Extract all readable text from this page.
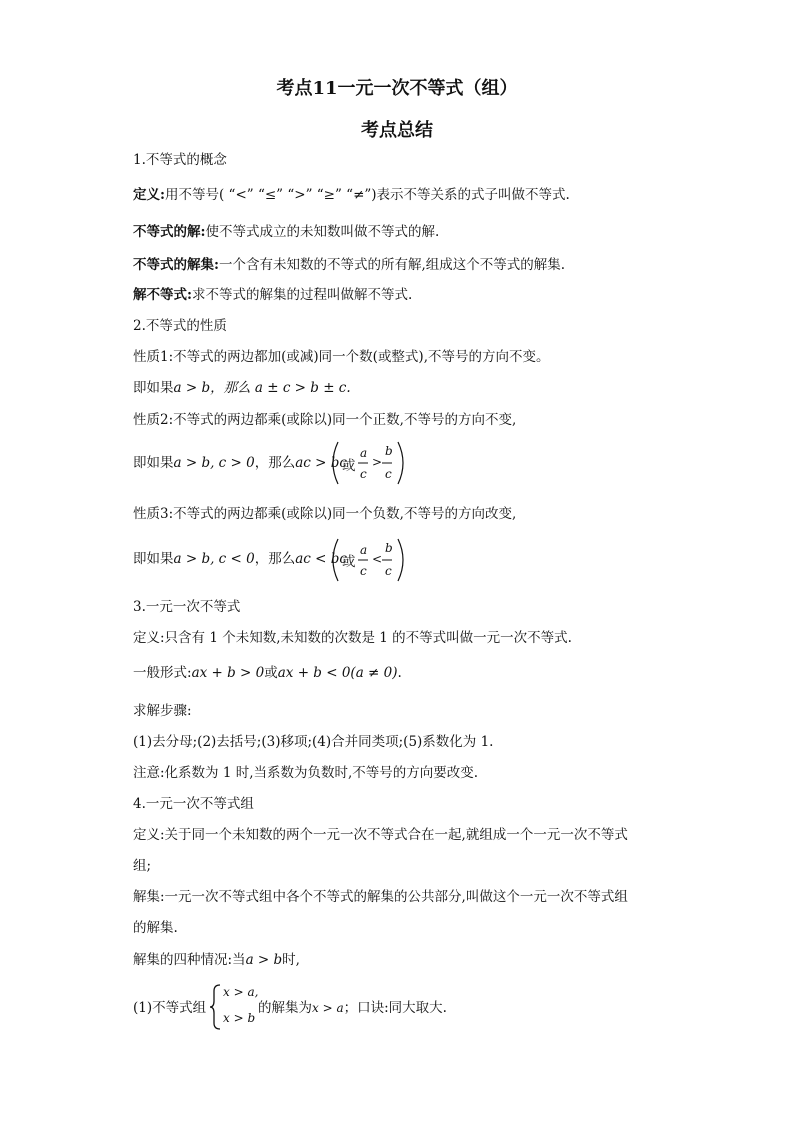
考点11一元一次不等式（组）
考点总结
1.不等式的概念
定义:用不等号( “<” “≤” “>” “≥” “≠”)表示不等关系的式子叫做不等式.
不等式的解:使不等式成立的未知数叫做不等式的解.
不等式的解集:一个含有未知数的不等式的所有解,组成这个不等式的解集.
解不等式:求不等式的解集的过程叫做解不等式.
2.不等式的性质
性质1:不等式的两边都加(或减)同一个数(或整式),不等号的方向不变。
即如果a > b，那么 a ± c > b ± c.
性质2:不等式的两边都乘(或除以)同一个正数,不等号的方向不变,
即如果a > b, c > 0，那么ac > bc
或
a
c
>
b
c
性质3:不等式的两边都乘(或除以)同一个负数,不等号的方向改变,
即如果a > b, c < 0，那么ac < bc
或
a
c
<
b
c
3.一元一次不等式
定义:只含有 1 个未知数,未知数的次数是 1 的不等式叫做一元一次不等式.
一般形式:ax + b > 0或ax + b < 0(a ≠ 0).
求解步骤:
(1)去分母;(2)去括号;(3)移项;(4)合并同类项;(5)系数化为 1.
注意:化系数为 1 时,当系数为负数时,不等号的方向要改变.
4.一元一次不等式组
定义:关于同一个未知数的两个一元一次不等式合在一起,就组成一个一元一次不等式
组;
解集:一元一次不等式组中各个不等式的解集的公共部分,叫做这个一元一次不等式组
的解集.
解集的四种情况:当a > b时,
(1)不等式组
x > a,
x > b
的解集为x > a；口诀:同大取大.
